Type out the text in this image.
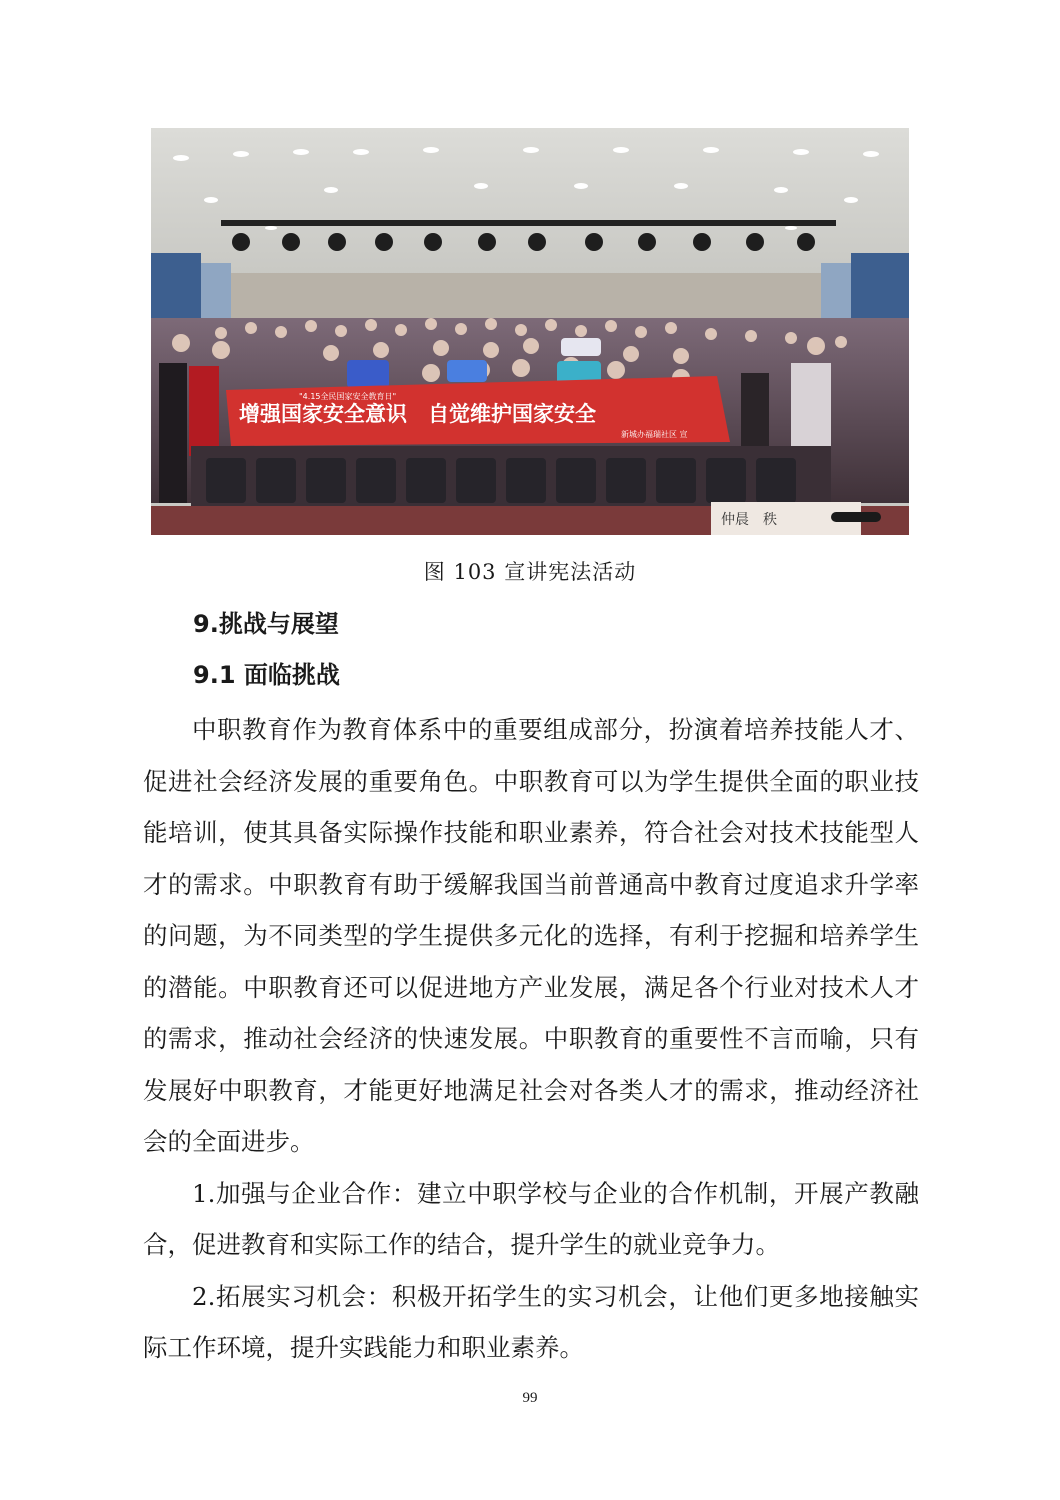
"4.15全民国家安全教育日"
增强国家安全意识　自觉维护国家安全
新城办福瑞社区 宣
仲晨　秩
图 103 宣讲宪法活动
9.挑战与展望
9.1 面临挑战

中职教育作为教育体系中的重要组成部分，扮演着培养技能人才、促进社会经济发展的重要角色。中职教育可以为学生提供全面的职业技能培训，使其具备实际操作技能和职业素养，符合社会对技术技能型人才的需求。中职教育有助于缓解我国当前普通高中教育过度追求升学率的问题，为不同类型的学生提供多元化的选择，有利于挖掘和培养学生的潜能。中职教育还可以促进地方产业发展，满足各个行业对技术人才的需求，推动社会经济的快速发展。中职教育的重要性不言而喻，只有发展好中职教育，才能更好地满足社会对各类人才的需求，推动经济社会的全面进步。

1.加强与企业合作：建立中职学校与企业的合作机制，开展产教融合，促进教育和实际工作的结合，提升学生的就业竞争力。

2.拓展实习机会：积极开拓学生的实习机会，让他们更多地接触实际工作环境，提升实践能力和职业素养。

99
